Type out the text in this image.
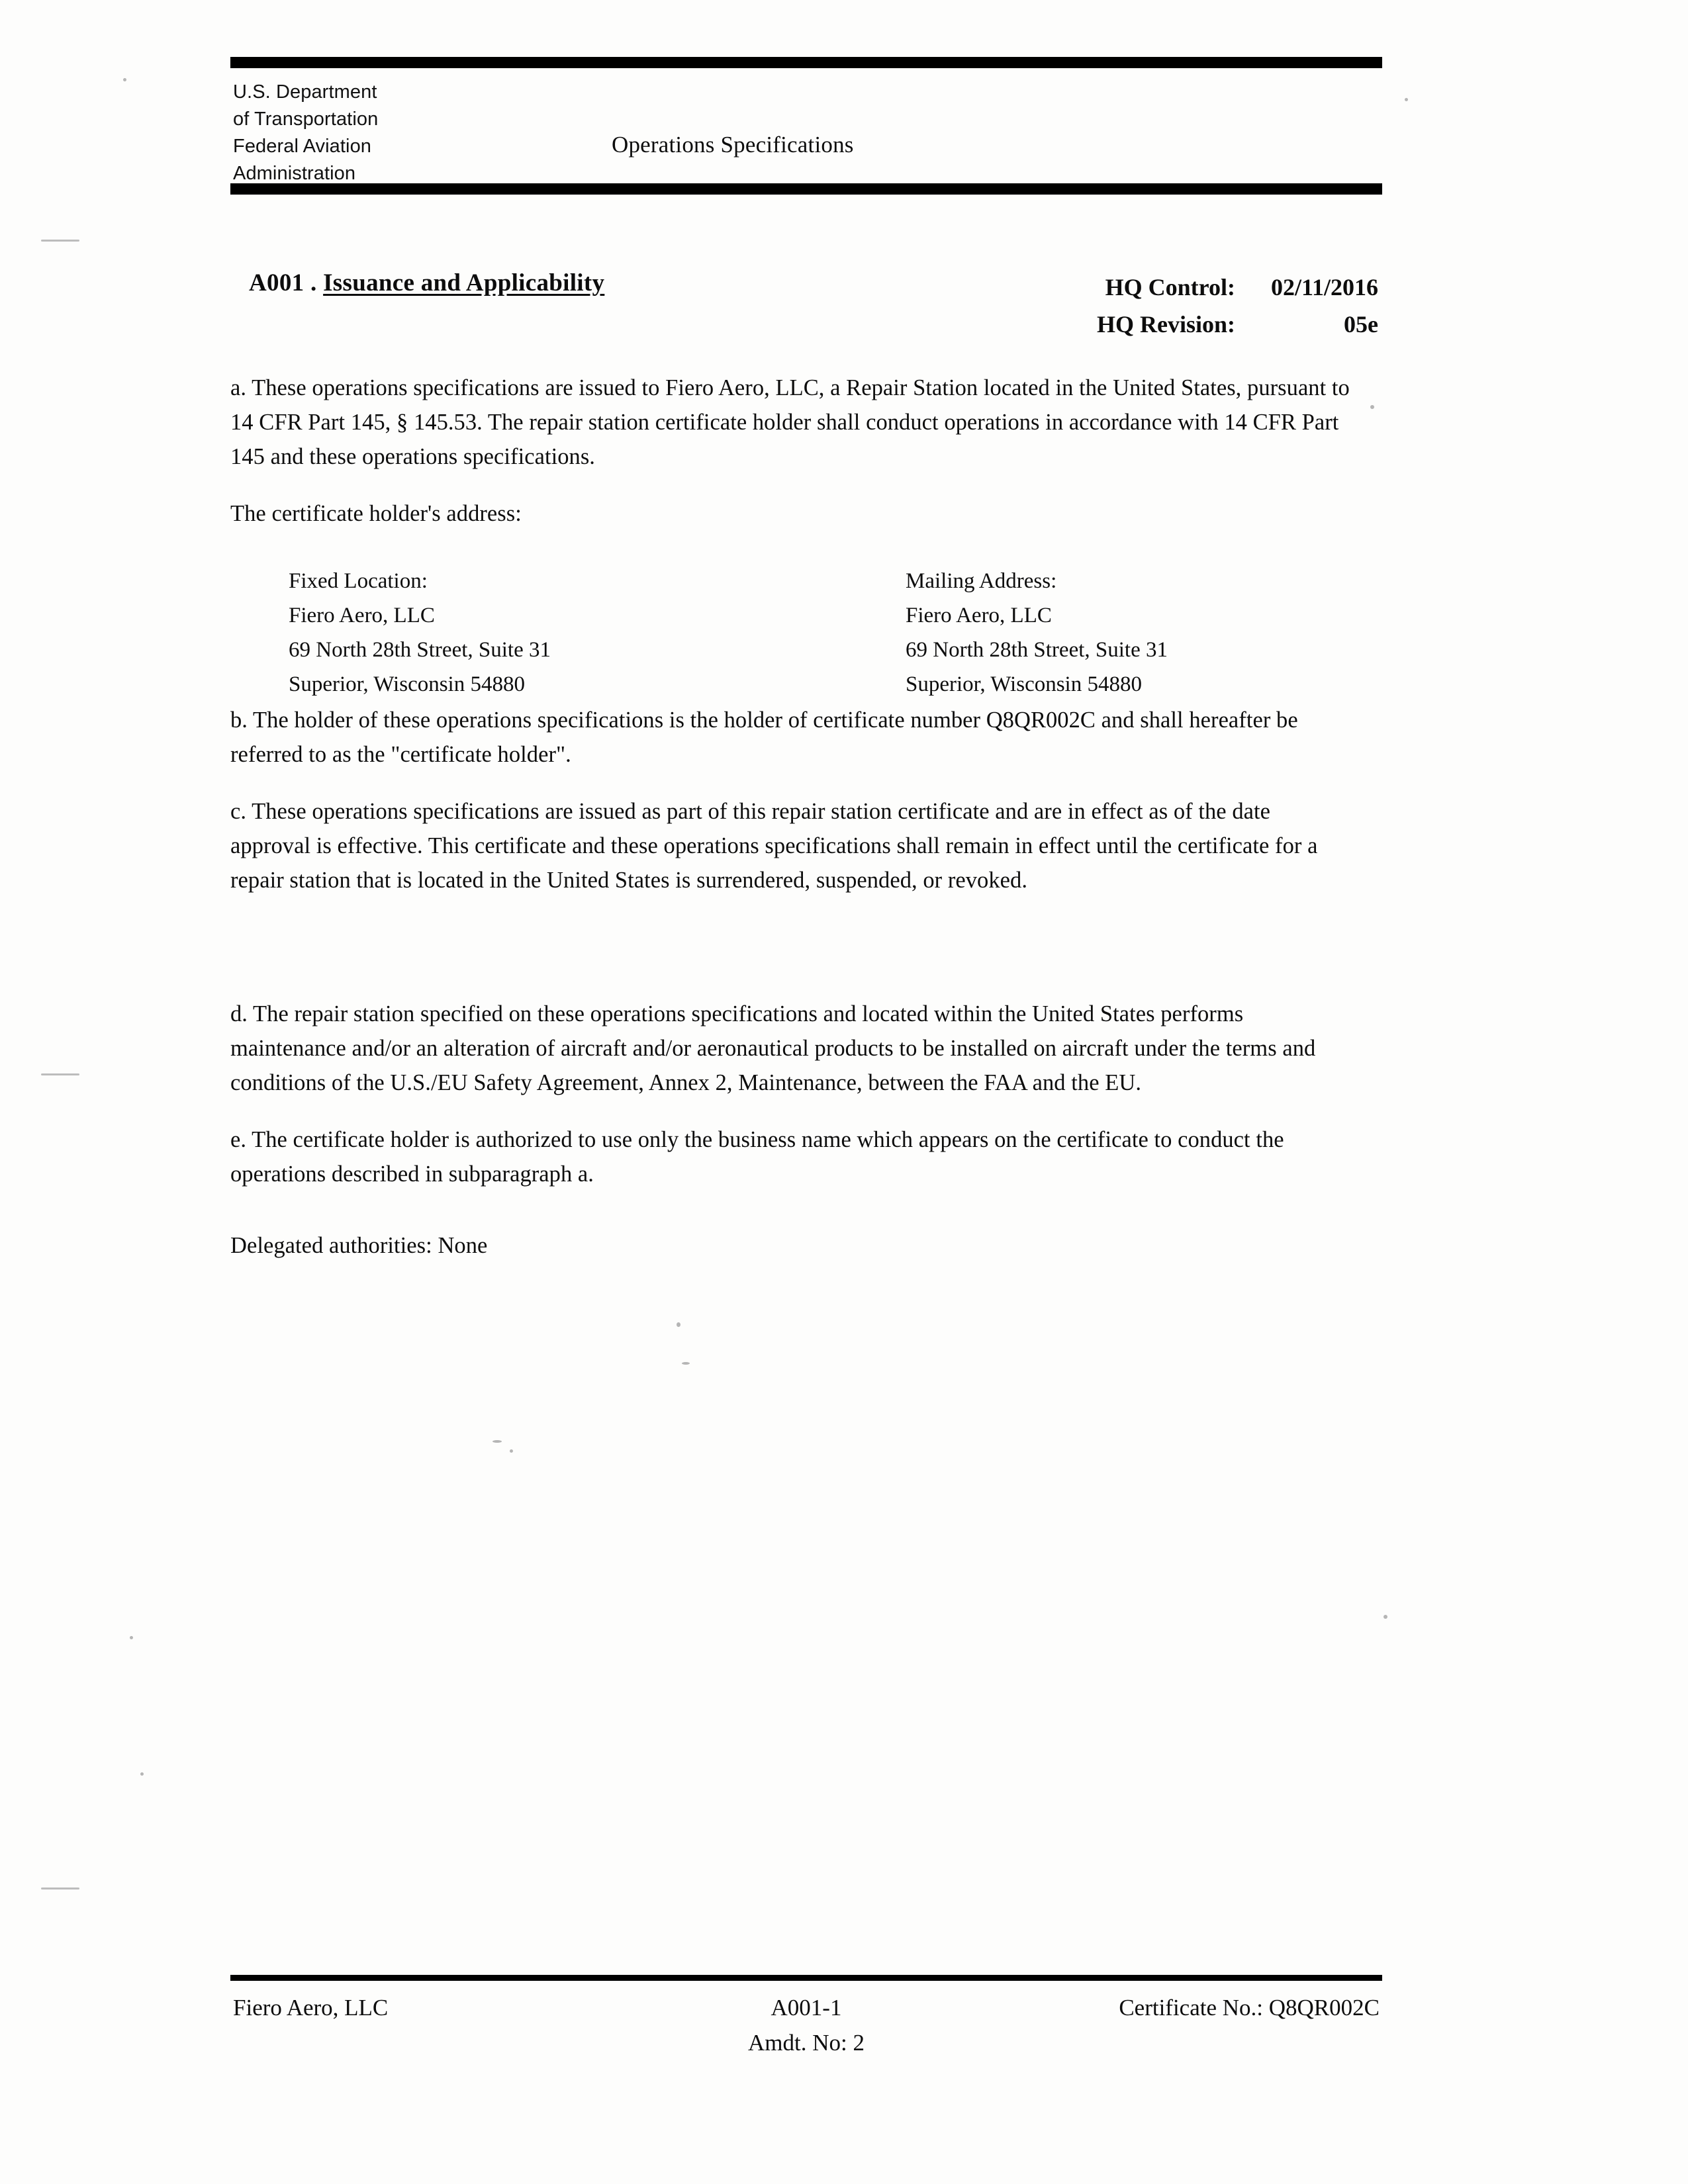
U.S. Department
of Transportation
Federal Aviation
Administration
Operations Specifications
A001 . Issuance and Applicability	HQ Control:	02/11/2016
HQ Revision:	05e

a. These operations specifications are issued to Fiero Aero, LLC, a Repair Station located in the United States, pursuant to 14 CFR Part 145, § 145.53. The repair station certificate holder shall conduct operations in accordance with 14 CFR Part 145 and these operations specifications.

The certificate holder's address:

Fixed Location:
Fiero Aero, LLC
69 North 28th Street, Suite 31
Superior, Wisconsin 54880
Mailing Address:
Fiero Aero, LLC
69 North 28th Street, Suite 31
Superior, Wisconsin 54880

b. The holder of these operations specifications is the holder of certificate number Q8QR002C and shall hereafter be referred to as the "certificate holder".

c. These operations specifications are issued as part of this repair station certificate and are in effect as of the date approval is effective. This certificate and these operations specifications shall remain in effect until the certificate for a repair station that is located in the United States is surrendered, suspended, or revoked.

d. The repair station specified on these operations specifications and located within the United States performs maintenance and/or an alteration of aircraft and/or aeronautical products to be installed on aircraft under the terms and conditions of the U.S./EU Safety Agreement, Annex 2, Maintenance, between the FAA and the EU.

e. The certificate holder is authorized to use only the business name which appears on the certificate to conduct the operations described in subparagraph a.

Delegated authorities: None

Fiero Aero, LLC	A001-1
Amdt. No: 2
Certificate No.: Q8QR002C
